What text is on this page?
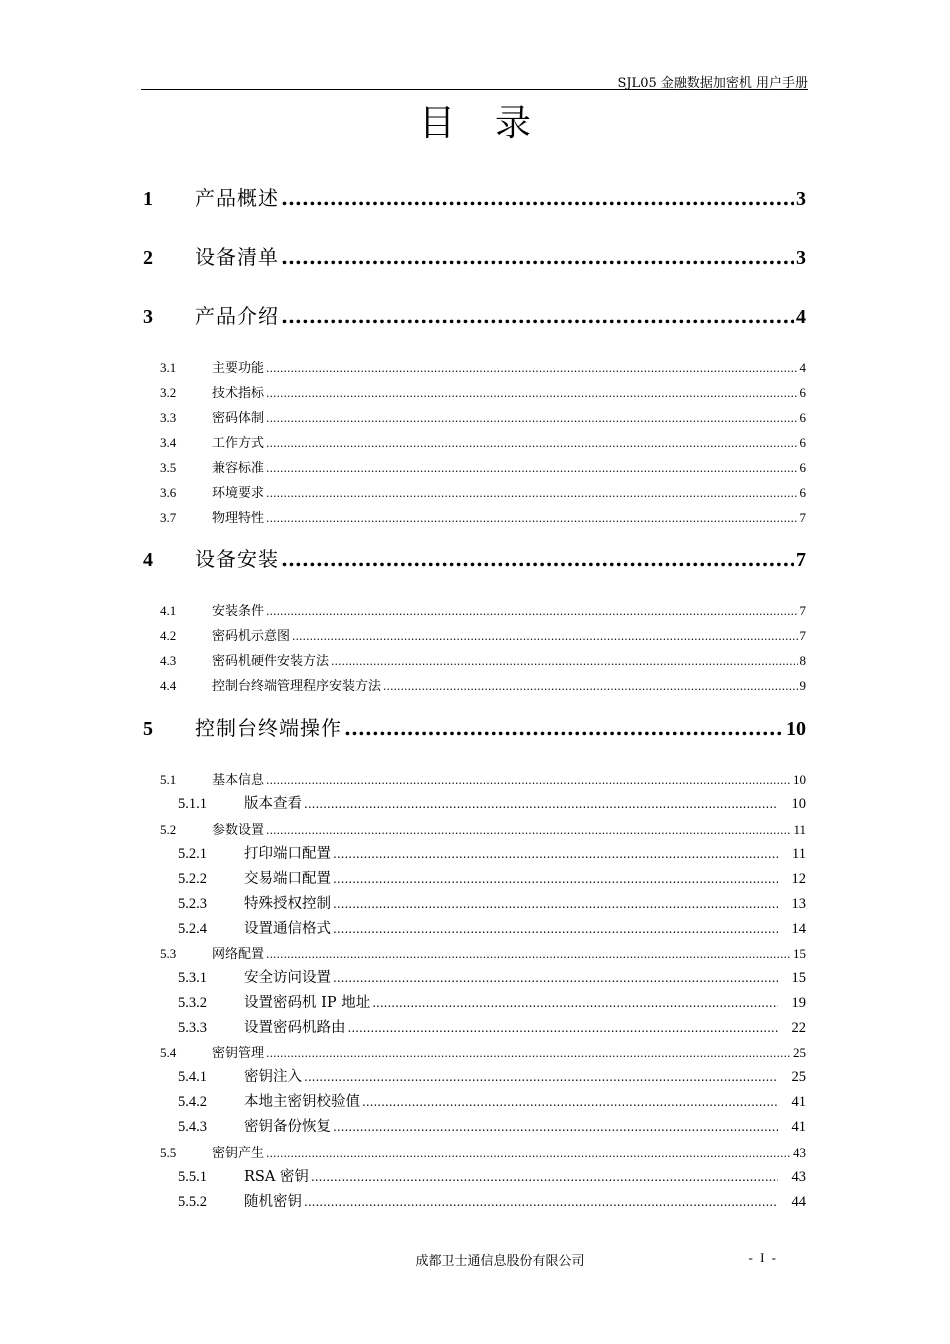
SJL05 金融数据加密机 用户手册
目录
1	产品概述 .....	3
2	设备清单 .....	3
3	产品介绍 .....	4
3.1	主要功能 .....	4
3.2	技术指标 .....	6
3.3	密码体制 .....	6
3.4	工作方式 .....	6
3.5	兼容标准 .....	6
3.6	环境要求 .....	6
3.7	物理特性 .....	7
4	设备安装 .....	7
4.1	安装条件 .....	7
4.2	密码机示意图 .....	7
4.3	密码机硬件安装方法 .....	8
4.4	控制台终端管理程序安装方法 .....	9
5	控制台终端操作 .....	10
5.1	基本信息 .....	10
5.1.1	版本查看 .....	10
5.2	参数设置 .....	11
5.2.1	打印端口配置 .....	11
5.2.2	交易端口配置 .....	12
5.2.3	特殊授权控制 .....	13
5.2.4	设置通信格式 .....	14
5.3	网络配置 .....	15
5.3.1	安全访问设置 .....	15
5.3.2	设置密码机 IP 地址 .....	19
5.3.3	设置密码机路由 .....	22
5.4	密钥管理 .....	25
5.4.1	密钥注入 .....	25
5.4.2	本地主密钥校验值 .....	41
5.4.3	密钥备份恢复 .....	41
5.5	密钥产生 .....	43
5.5.1	RSA 密钥 .....	43
5.5.2	随机密钥 .....	44
成都卫士通信息股份有限公司	- I -
